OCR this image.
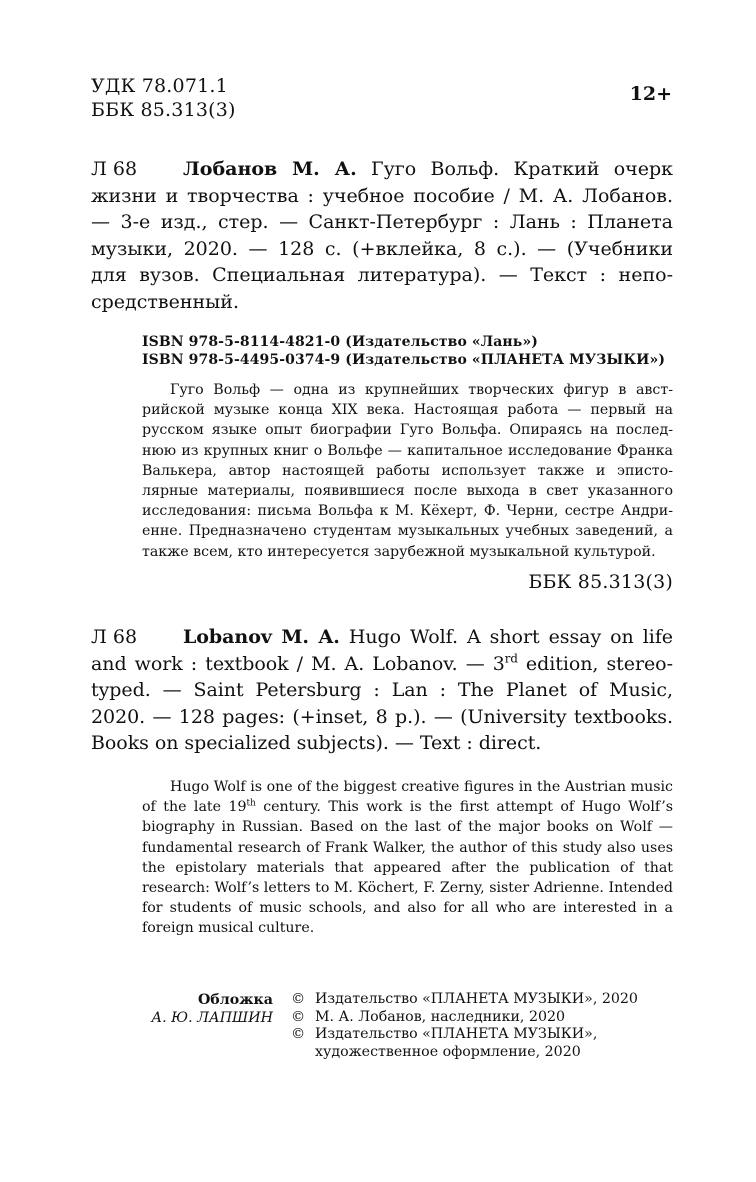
УДК 78.071.1
ББК 85.313(3)
12+
Л 68	Лобанов М. А. Гуго Вольф. Краткий очерк жизни и творчества : учебное пособие / М. А. Лобанов. — 3-е изд., стер. — Санкт-Петербург : Лань : Планета музыки, 2020. — 128 с. (+вклейка, 8 с.). — (Учебники для вузов. Специальная литература). — Текст : непосредственный.
ISBN 978-5-8114-4821-0 (Издательство «Лань»)
ISBN 978-5-4495-0374-9 (Издательство «ПЛАНЕТА МУЗЫКИ»)
Гуго Вольф — одна из крупнейших творческих фигур в австрийской музыке конца XIX века. Настоящая работа — первый на русском языке опыт биографии Гуго Вольфа. Опираясь на последнюю из крупных книг о Вольфе — капитальное исследование Франка Валькера, автор настоящей работы использует также и эпистолярные материалы, появившиеся после выхода в свет указанного исследования: письма Вольфа к М. Кёхерт, Ф. Черни, сестре Андриенне. Предназначено студентам музыкальных учебных заведений, а также всем, кто интересуется зарубежной музыкальной культурой.
ББК 85.313(3)
Л 68	Lobanov M. A. Hugo Wolf. A short essay on life and work : textbook / M. A. Lobanov. — 3rd edition, stereotyped. — Saint Petersburg : Lan : The Planet of Music, 2020. — 128 pages: (+inset, 8 p.). — (University textbooks. Books on specialized subjects). — Text : direct.
Hugo Wolf is one of the biggest creative figures in the Austrian music of the late 19th century. This work is the first attempt of Hugo Wolf’s biography in Russian. Based on the last of the major books on Wolf — fundamental research of Frank Walker, the author of this study also uses the epistolary materials that appeared after the publication of that research: Wolf’s letters to M. Köchert, F. Zerny, sister Adrienne. Intended for students of music schools, and also for all who are interested in a foreign musical culture.
Обложка
А. Ю. ЛАПШИН
© Издательство «ПЛАНЕТА МУЗЫКИ», 2020
© М. А. Лобанов, наследники, 2020
© Издательство «ПЛАНЕТА МУЗЫКИ», художественное оформление, 2020
